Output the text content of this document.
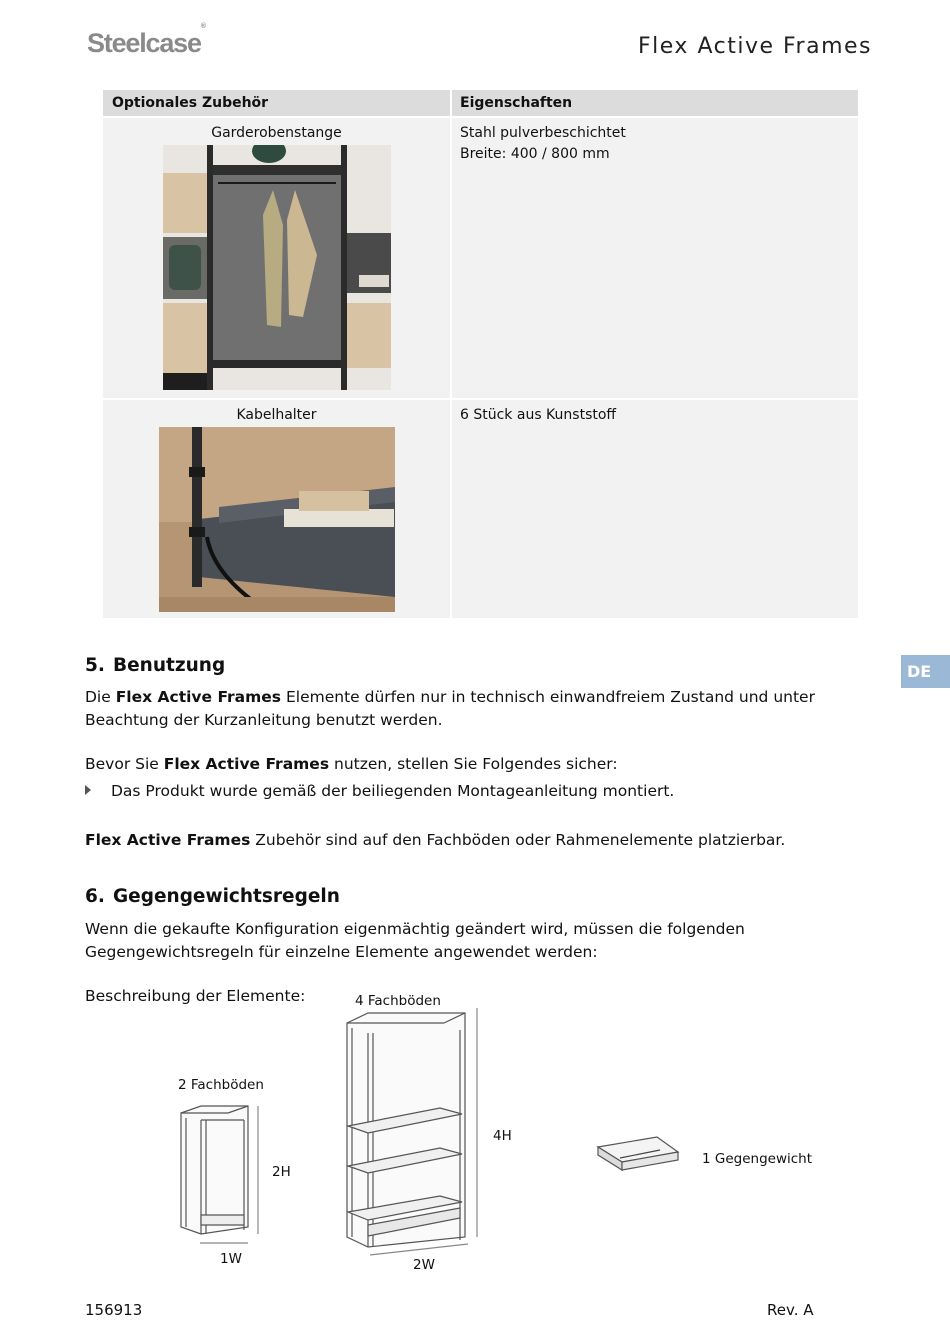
Steelcase®
Flex Active Frames
Optionales Zubehör	Eigenschaften

Garderobenstange	Stahl pulverbeschichtet
Breite: 400 / 800 mm

Kabelhalter	6 Stück aus Kunststoff
DE
5. Benutzung

Die Flex Active Frames Elemente dürfen nur in technisch einwandfreiem Zustand und unter Beachtung der Kurzanleitung benutzt werden.

Bevor Sie Flex Active Frames nutzen, stellen Sie Folgendes sicher:

Das Produkt wurde gemäß der beiliegenden Montageanleitung montiert.

Flex Active Frames Zubehör sind auf den Fachböden oder Rahmenelemente platzierbar.

6. Gegengewichtsregeln

Wenn die gekaufte Konfiguration eigenmächtig geändert wird, müssen die folgenden Gegengewichtsregeln für einzelne Elemente angewendet werden:

Beschreibung der Elemente:

2 Fachböden
2H
1W
4 Fachböden
4H
2W
1 Gegengewicht
156913	Rev. A
